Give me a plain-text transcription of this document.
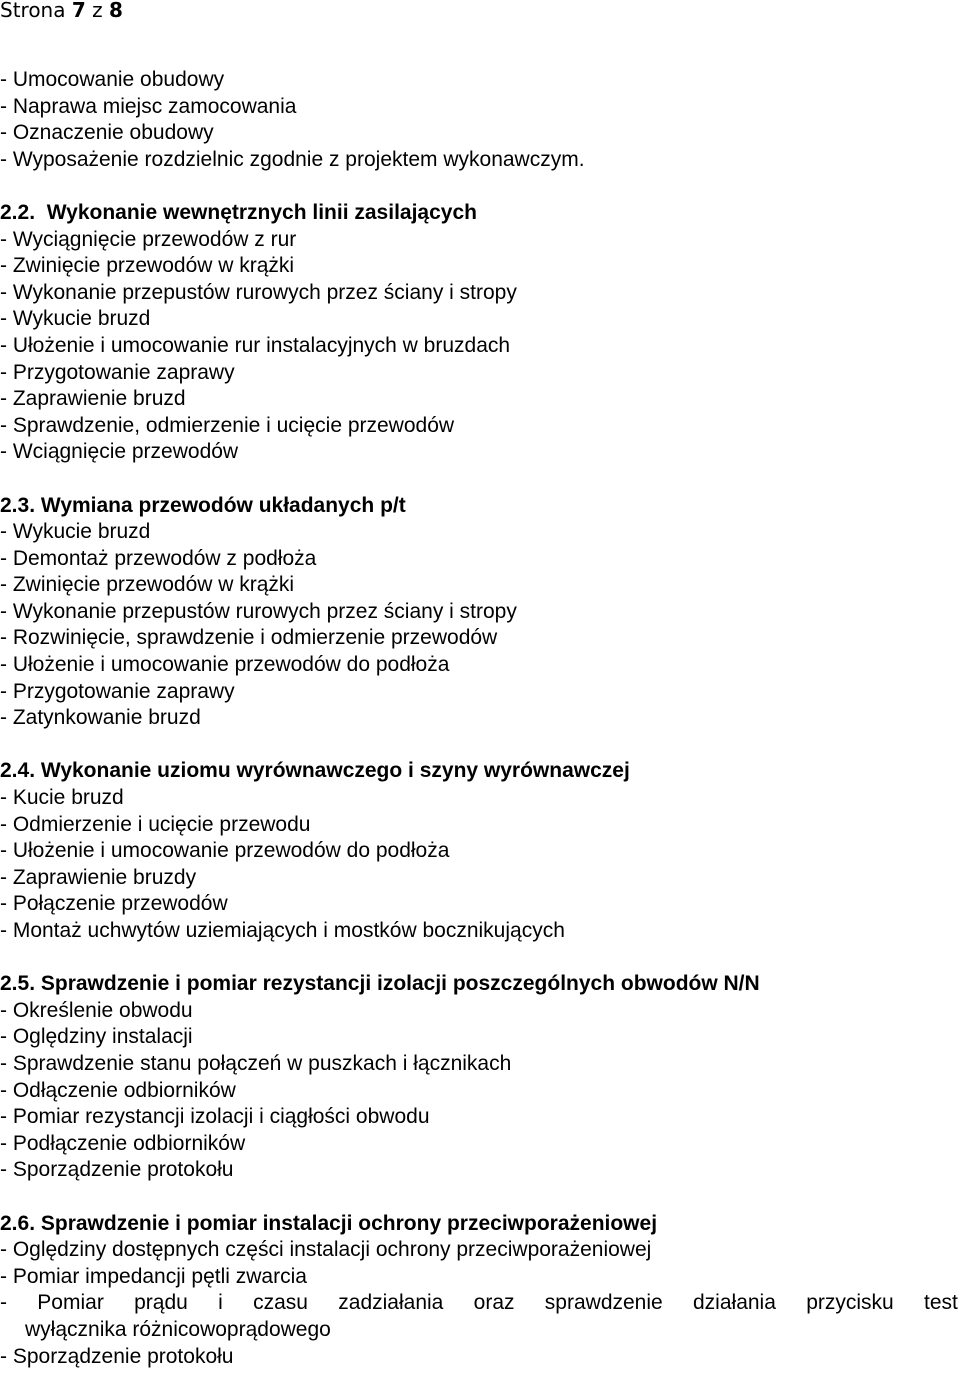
Strona 7 z 8
- Umocowanie obudowy
- Naprawa miejsc zamocowania
- Oznaczenie obudowy
- Wyposażenie rozdzielnic zgodnie z projektem wykonawczym.
2.2. Wykonanie wewnętrznych linii zasilających
- Wyciągnięcie przewodów z rur
- Zwinięcie przewodów w krążki
- Wykonanie przepustów rurowych przez ściany i stropy
- Wykucie bruzd
- Ułożenie i umocowanie rur instalacyjnych w bruzdach
- Przygotowanie zaprawy
- Zaprawienie bruzd
- Sprawdzenie, odmierzenie i ucięcie przewodów
- Wciągnięcie przewodów
2.3. Wymiana przewodów układanych p/t
- Wykucie bruzd
- Demontaż przewodów z podłoża
- Zwinięcie przewodów w krążki
- Wykonanie przepustów rurowych przez ściany i stropy
- Rozwinięcie, sprawdzenie i odmierzenie przewodów
- Ułożenie i umocowanie przewodów do podłoża
- Przygotowanie zaprawy
- Zatynkowanie bruzd
2.4. Wykonanie uziomu wyrównawczego i szyny wyrównawczej
- Kucie bruzd
- Odmierzenie i ucięcie przewodu
- Ułożenie i umocowanie przewodów do podłoża
- Zaprawienie bruzdy
- Połączenie przewodów
- Montaż uchwytów uziemiających i mostków bocznikujących
2.5. Sprawdzenie i pomiar rezystancji izolacji poszczególnych obwodów N/N
- Określenie obwodu
- Oględziny instalacji
- Sprawdzenie stanu połączeń w puszkach i łącznikach
- Odłączenie odbiorników
- Pomiar rezystancji izolacji i ciągłości obwodu
- Podłączenie odbiorników
- Sporządzenie protokołu
2.6. Sprawdzenie i pomiar instalacji ochrony przeciwporażeniowej
- Oględziny dostępnych części instalacji ochrony przeciwporażeniowej
- Pomiar impedancji pętli zwarcia
- Pomiar prądu i czasu zadziałania oraz sprawdzenie działania przycisku test
wyłącznika różnicowoprądowego
- Sporządzenie protokołu
